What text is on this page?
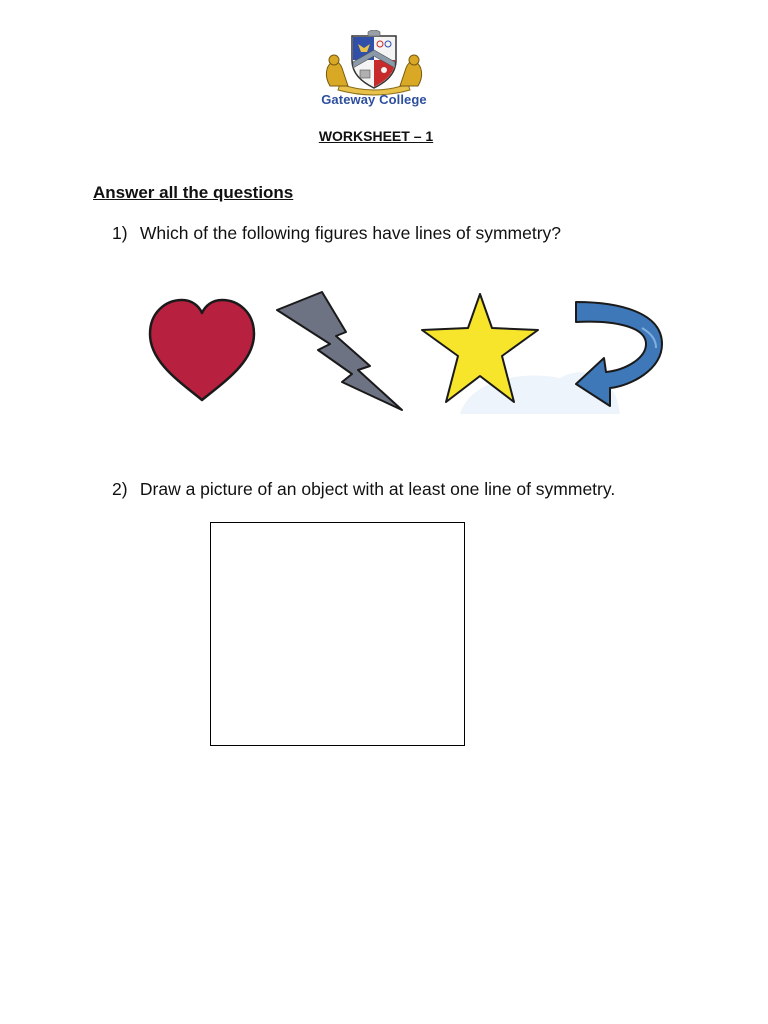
Gateway College
WORKSHEET – 1
Answer all the questions
1) Which of the following figures have lines of symmetry?
2) Draw a picture of an object with at least one line of symmetry.
